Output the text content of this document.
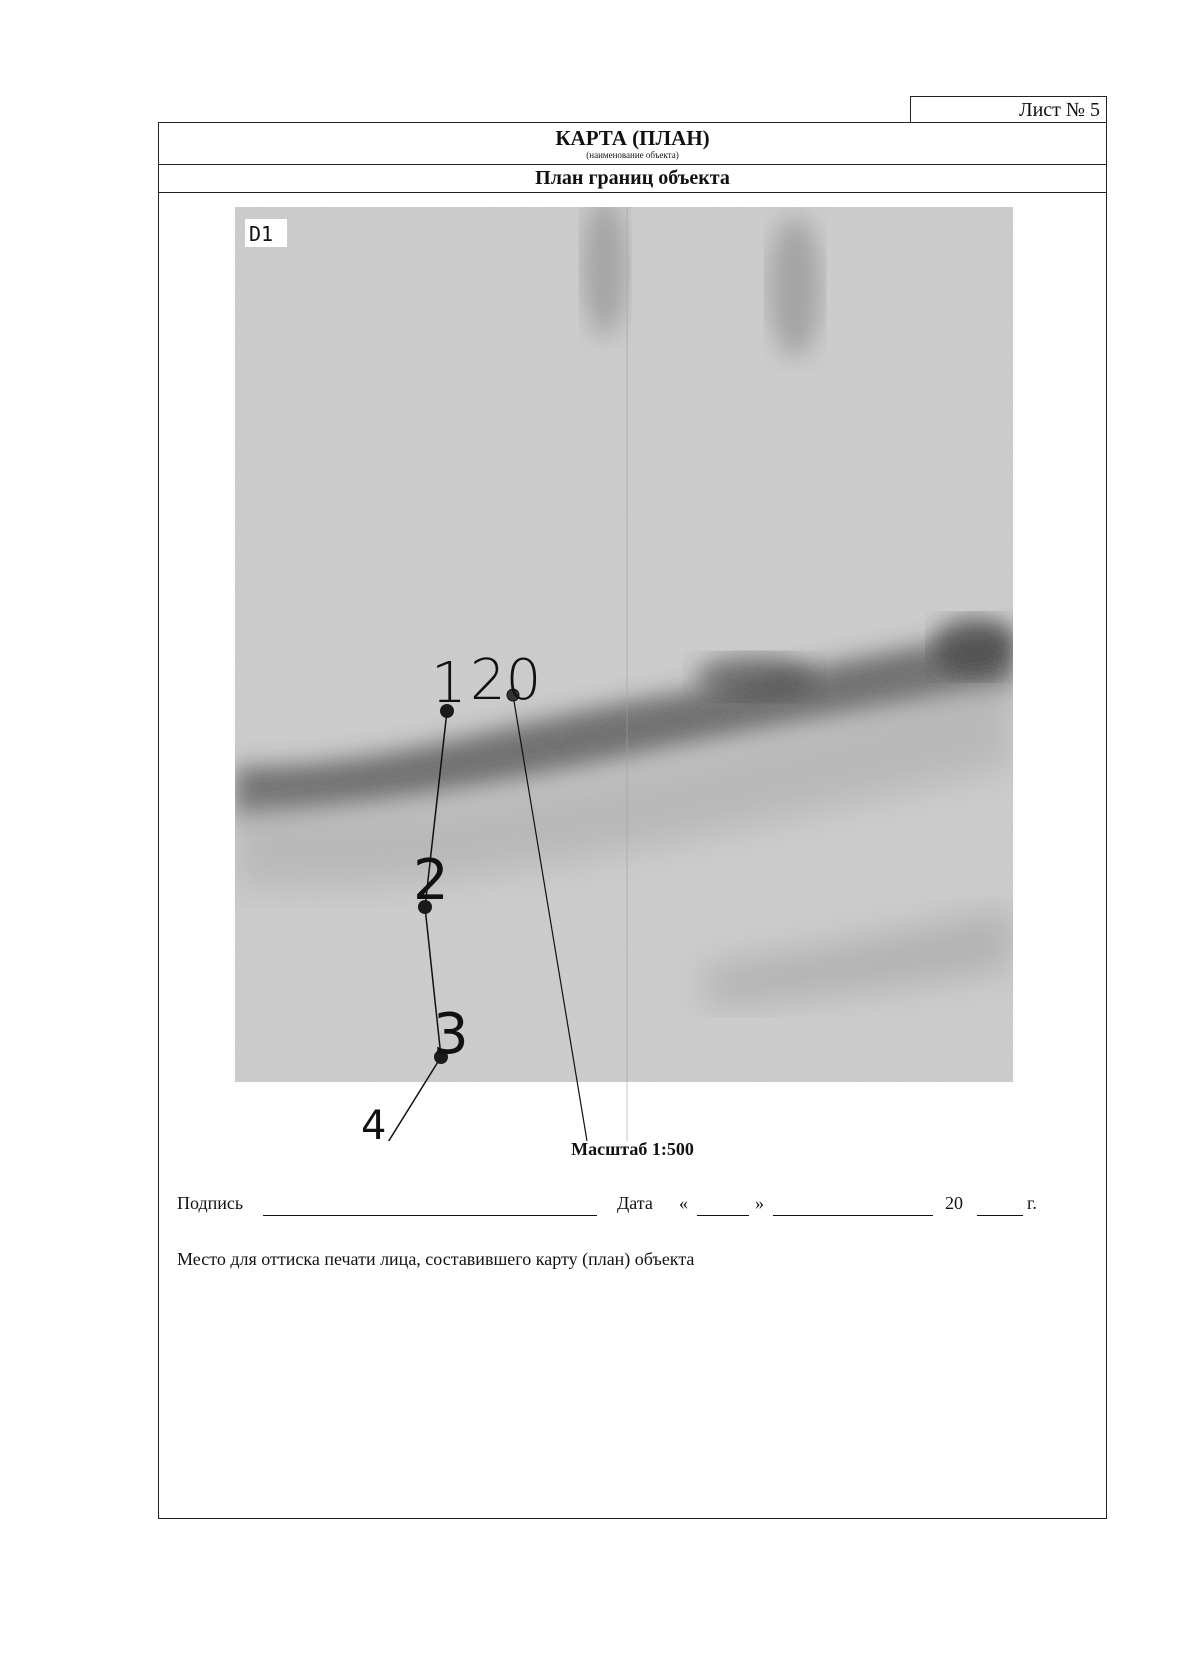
Лист № 5
КАРТА (ПЛАН)
(наименование объекта)
План границ объекта
D1
1 20
2
3
4	Масштаб 1:500
Подпись	Дата «	»	20	г.
Место для оттиска печати лица, составившего карту (план) объекта
